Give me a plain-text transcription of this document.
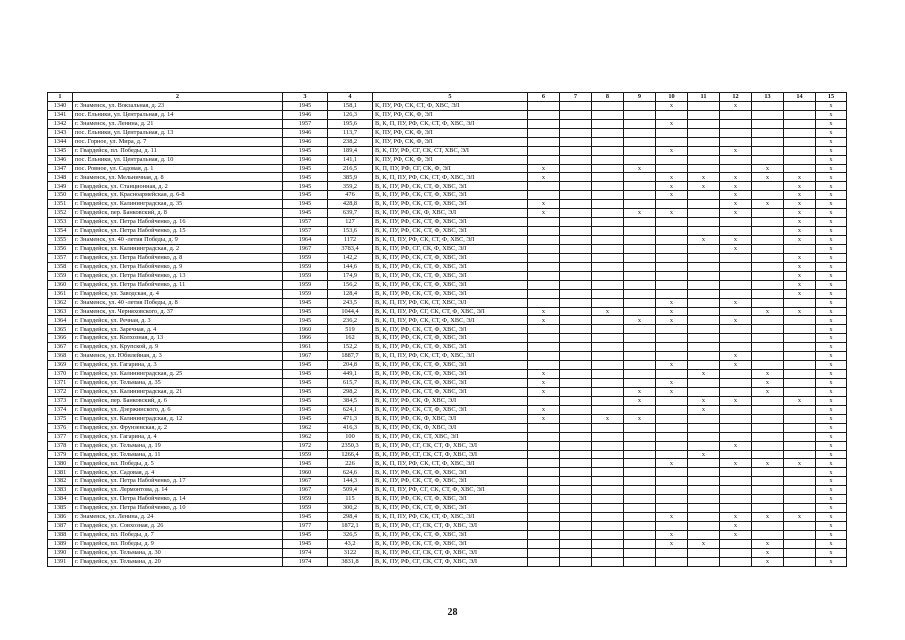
1	2	3	4	5	6	7	8	9	10	11	12	13	14	15
1340	г. Знаменск, ул. Вокзальная, д. 23	1945	158,1	К, ПУ, РФ, СК, СТ, Ф, ХВС, ЭЛ					х		х			х
1341	пос. Ельники, ул. Центральная, д. 14	1946	126,3	К, ПУ, РФ, СК, Ф, ЭЛ										х
1342	г. Знаменск, ул. Ленина, д. 21	1957	195,6	В, К, П, ПУ, РФ, СК, СТ, Ф, ХВС, ЭЛ					х					х
1343	пос. Ельники, ул. Центральная, д. 13	1946	113,7	К, ПУ, РФ, СК, Ф, ЭЛ										х
1344	пос. Горное, ул. Мира, д. 7	1946	238,2	К, ПУ, РФ, СК, Ф, ЭЛ										х
1345	г. Гвардейск, пл. Победы, д. 11	1945	189,4	В, К, ПУ, РФ, СГ, СК, СТ, ХВС, ЭЛ					х		х			х
1346	пос. Ельники, ул. Центральная, д. 10	1946	141,1	К, ПУ, РФ, СК, Ф, ЭЛ										х
1347	пос. Ровное, ул. Садовая, д. 1	1945	216,5	К, П, ПУ, РФ, СГ, СК, Ф, ЭЛ	х			х				х		х
1348	г. Знаменск, ул. Мельничная, д. 8	1945	385,9	В, К, П, ПУ, РФ, СК, СТ, Ф, ХВС, ЭЛ	х				х	х	х	х	х	х
1349	г. Гвардейск, ул. Станционная, д. 2	1945	359,2	В, К, ПУ, РФ, СК, СТ, Ф, ХВС, ЭЛ					х	х	х		х	х
1350	г. Гвардейск, ул. Красноармейская, д. 6-8	1945	476	В, К, ПУ, РФ, СК, СТ, Ф, ХВС, ЭЛ					х		х		х	х
1351	г. Гвардейск, ул. Калининградская, д. 35	1945	428,8	В, К, ПУ, РФ, СК, СТ, Ф, ХВС, ЭЛ	х						х	х	х	х
1352	г. Гвардейск, пер. Банковский, д. 8	1945	639,7	В, К, ПУ, РФ, СК, Ф, ХВС, ЭЛ	х			х	х		х		х	х
1353	г. Гвардейск, ул. Петра Набойченко, д. 16	1957	127	В, К, ПУ, РФ, СК, СТ, Ф, ХВС, ЭЛ									х	х
1354	г. Гвардейск, ул. Петра Набойченко, д. 15	1957	153,6	В, К, ПУ, РФ, СК, СТ, Ф, ХВС, ЭЛ									х	х
1355	г. Знаменск, ул. 40 -летия Победы, д. 9	1964	1172	В, К, П, ПУ, РФ, СК, СТ, Ф, ХВС, ЭЛ						х	х		х	х
1356	г. Гвардейск, ул. Калининградская, д. 2	1967	3783,4	В, К, ПУ, РФ, СГ, СК, Ф, ХВС, ЭЛ							х			х
1357	г. Гвардейск, ул. Петра Набойченко, д. 8	1959	142,2	В, К, ПУ, РФ, СК, СТ, Ф, ХВС, ЭЛ									х	х
1358	г. Гвардейск, ул. Петра Набойченко, д. 9	1959	144,6	В, К, ПУ, РФ, СК, СТ, Ф, ХВС, ЭЛ									х	х
1359	г. Гвардейск, ул. Петра Набойченко, д. 13	1959	174,9	В, К, ПУ, РФ, СК, СТ, Ф, ХВС, ЭЛ									х	х
1360	г. Гвардейск, ул. Петра Набойченко, д. 11	1959	156,2	В, К, ПУ, РФ, СК, СТ, Ф, ХВС, ЭЛ									х	х
1361	г. Гвардейск, ул. Заводская, д. 4	1959	128,4	В, К, ПУ, РФ, СК, СТ, Ф, ХВС, ЭЛ									х	х
1362	г. Знаменск, ул. 40 -летия Победы, д. 8	1945	243,5	В, К, П, ПУ, РФ, СК, СТ, ХВС, ЭЛ					х		х			х
1363	г. Знаменск, ул. Черняховского, д. 37	1945	1044,4	В, К, П, ПУ, РФ, СГ, СК, СТ, Ф, ХВС, ЭЛ	х		х		х			х	х	х
1364	г. Гвардейск, ул. Речная, д. 3	1945	236,2	В, К, П, ПУ, РФ, СК, СТ, Ф, ХВС, ЭЛ	х			х	х		х			х
1365	г. Гвардейск, ул. Заречная, д. 4	1960	519	В, К, ПУ, РФ, СК, СТ, Ф, ХВС, ЭЛ										х
1366	г. Гвардейск, ул. Колхозная, д. 13	1966	162	В, К, ПУ, РФ, СК, СТ, Ф, ХВС, ЭЛ										х
1367	г. Гвардейск, ул. Крупской, д. 9	1961	152,2	В, К, ПУ, РФ, СК, СТ, Ф, ХВС, ЭЛ										х
1368	г. Знаменск, ул. Юбилейная, д. 3	1967	1887,7	В, К, П, ПУ, РФ, СК, СТ, Ф, ХВС, ЭЛ							х			х
1369	г. Гвардейск, ул. Гагарина, д. 3	1945	204,8	В, К, ПУ, РФ, СК, СТ, Ф, ХВС, ЭЛ					х		х			х
1370	г. Гвардейск, ул. Калининградская, д. 25	1945	449,1	В, К, ПУ, РФ, СК, СТ, Ф, ХВС, ЭЛ	х					х		х		х
1371	г. Гвардейск, ул. Тельмана, д. 35	1945	615,7	В, К, ПУ, РФ, СК, СТ, Ф, ХВС, ЭЛ	х				х			х		х
1372	г. Гвардейск, ул. Калининградская, д. 21	1945	298,2	В, К, ПУ, РФ, СК, СТ, Ф, ХВС, ЭЛ	х			х	х			х		х
1373	г. Гвардейск, пер. Банковский, д. 6	1945	384,5	В, К, ПУ, РФ, СК, Ф, ХВС, ЭЛ				х		х	х		х	х
1374	г. Гвардейск, ул. Дзержинского, д. 6	1945	624,1	В, К, ПУ, РФ, СК, СТ, Ф, ХВС, ЭЛ	х					х				х
1375	г. Гвардейск, ул. Калининградская, д. 12	1945	471,3	В, К, ПУ, РФ, СК, Ф, ХВС, ЭЛ	х		х	х						х
1376	г. Гвардейск, ул. Фрунзенская, д. 2	1962	416,3	В, К, ПУ, РФ, СК, Ф, ХВС, ЭЛ										х
1377	г. Гвардейск, ул. Гагарина, д. 4	1962	100	В, К, ПУ, РФ, СК, СТ, ХВС, ЭЛ										х
1378	г. Гвардейск, ул. Тельмана, д. 19	1972	2350,3	В, К, ПУ, РФ, СГ, СК, СТ, Ф, ХВС, ЭЛ							х			х
1379	г. Гвардейск, ул. Тельмана, д. 11	1959	1266,4	В, К, ПУ, РФ, СГ, СК, СТ, Ф, ХВС, ЭЛ						х				х
1380	г. Гвардейск, пл. Победы, д. 5	1945	226	В, К, П, ПУ, РФ, СК, СТ, Ф, ХВС, ЭЛ					х		х	х	х	х
1381	г. Гвардейск, ул. Садовая, д. 4	1960	624,6	В, К, ПУ, РФ, СК, СТ, Ф, ХВС, ЭЛ										х
1382	г. Гвардейск, ул. Петра Набойченко, д. 17	1967	144,3	В, К, ПУ, РФ, СК, СТ, Ф, ХВС, ЭЛ										х
1383	г. Гвардейск, ул. Лермонтова, д. 14	1967	509,4	В, К, П, ПУ, РФ, СГ, СК, СТ, Ф, ХВС, ЭЛ										х
1384	г. Гвардейск, ул. Петра Набойченко, д. 14	1959	115	В, К, ПУ, РФ, СК, СТ, Ф, ХВС, ЭЛ										х
1385	г. Гвардейск, ул. Петра Набойченко, д. 10	1959	300,2	В, К, ПУ, РФ, СК, СТ, Ф, ХВС, ЭЛ										х
1386	г. Знаменск, ул. Ленина, д. 24	1945	298,4	В, К, П, ПУ, РФ, СК, СТ, Ф, ХВС, ЭЛ					х		х	х	х	х
1387	г. Гвардейск, ул. Совхозная, д. 26	1977	1872,1	В, К, ПУ, РФ, СГ, СК, СТ, Ф, ХВС, ЭЛ							х			х
1388	г. Гвардейск, пл. Победы, д. 7	1945	326,5	В, К, ПУ, РФ, СК, СТ, Ф, ХВС, ЭЛ					х		х			х
1389	г. Гвардейск, пл. Победы, д. 9	1945	43,2	В, К, ПУ, РФ, СК, СТ, Ф, ХВС, ЭЛ					х	х		х		х
1390	г. Гвардейск, ул. Тельмана, д. 30	1974	3122	В, К, ПУ, РФ, СГ, СК, СТ, Ф, ХВС, ЭЛ								х		х
1391	г. Гвардейск, ул. Тельмана, д. 20	1974	3831,8	В, К, ПУ, РФ, СГ, СК, СТ, Ф, ХВС, ЭЛ								х		х
28
